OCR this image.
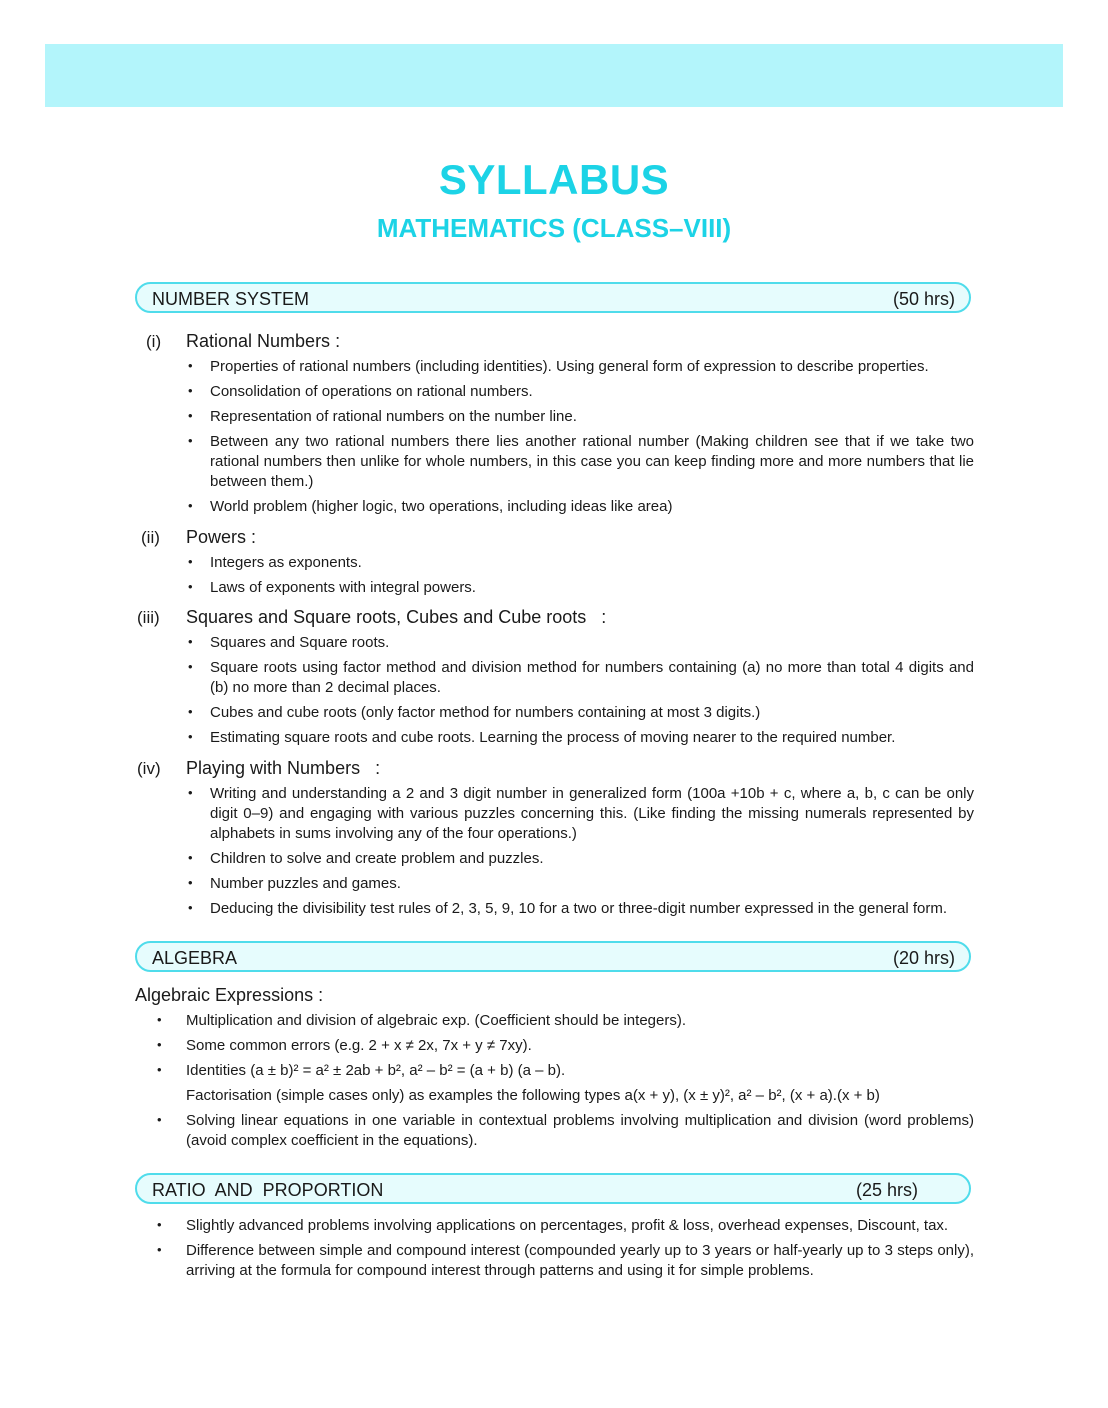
SYLLABUS
MATHEMATICS (CLASS–VIII)
NUMBER SYSTEM	(50 hrs)
(i) Rational Numbers :
• Properties of rational numbers (including identities). Using general form of expression to describe properties.
• Consolidation of operations on rational numbers.
• Representation of rational numbers on the number line.
• Between any two rational numbers there lies another rational number (Making children see that if we take two rational numbers then unlike for whole numbers, in this case you can keep finding more and more numbers that lie between them.)
• World problem (higher logic, two operations, including ideas like area)
(ii) Powers :
• Integers as exponents.
• Laws of exponents with integral powers.
(iii) Squares and Square roots, Cubes and Cube roots   :
• Squares and Square roots.
• Square roots using factor method and division method for numbers containing (a) no more than total 4 digits and (b) no more than 2 decimal places.
• Cubes and cube roots (only factor method for numbers containing at most 3 digits.)
• Estimating square roots and cube roots. Learning the process of moving nearer to the required number.
(iv) Playing with Numbers   :
• Writing and understanding a 2 and 3 digit number in generalized form (100a +10b + c, where a, b, c can be only digit 0–9) and engaging with various puzzles concerning this. (Like finding the missing numerals represented by alphabets in sums involving any of the four operations.)
• Children to solve and create problem and puzzles.
• Number puzzles and games.
• Deducing the divisibility test rules of 2, 3, 5, 9, 10 for a two or three-digit number expressed in the general form.
ALGEBRA	(20 hrs)
Algebraic Expressions :
• Multiplication and division of algebraic exp. (Coefficient should be integers).
• Some common errors (e.g. 2 + x ≠ 2x, 7x + y ≠ 7xy).
• Identities (a ± b)² = a² ± 2ab + b², a² – b² = (a + b) (a – b).
Factorisation (simple cases only) as examples the following types a(x + y), (x ± y)², a² – b², (x + a).(x + b)
• Solving linear equations in one variable in contextual problems involving multiplication and division (word problems) (avoid complex coefficient in the equations).
RATIO  AND  PROPORTION	(25 hrs)
• Slightly advanced problems involving applications on percentages, profit & loss, overhead expenses, Discount, tax.
• Difference between simple and compound interest (compounded yearly up to 3 years or half-yearly up to 3 steps only), arriving at the formula for compound interest through patterns and using it for simple problems.
